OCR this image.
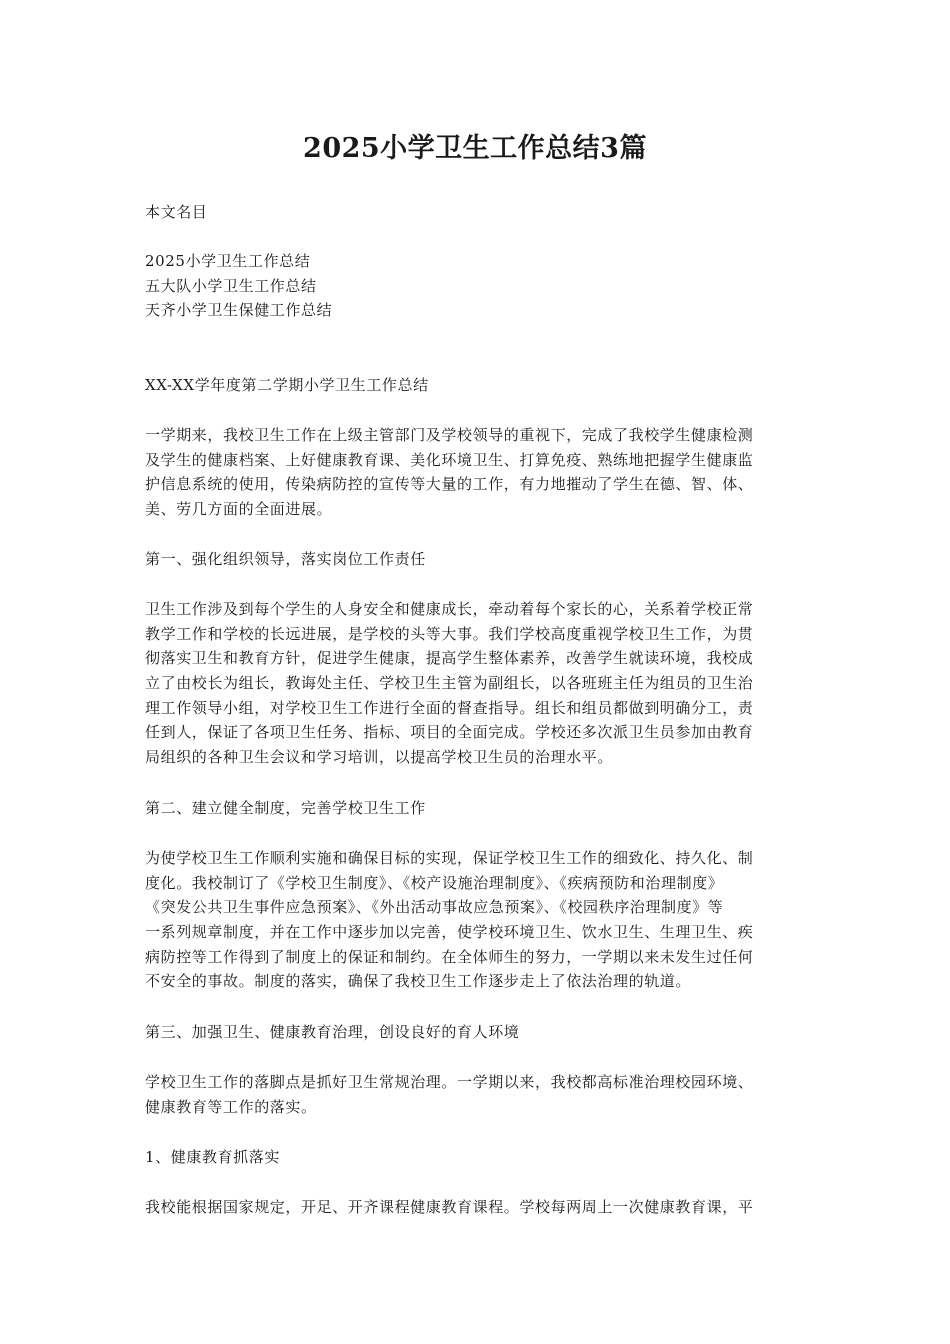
2025小学卫生工作总结3篇
本文名目
2025小学卫生工作总结
五大队小学卫生工作总结
天齐小学卫生保健工作总结
XX-XX学年度第二学期小学卫生工作总结
一学期来，我校卫生工作在上级主管部门及学校领导的重视下，完成了我校学生健康检测
及学生的健康档案、上好健康教育课、美化环境卫生、打算免疫、熟练地把握学生健康监
护信息系统的使用，传染病防控的宣传等大量的工作，有力地摧动了学生在德、智、体、
美、劳几方面的全面进展。
第一、强化组织领导，落实岗位工作责任
卫生工作涉及到每个学生的人身安全和健康成长，牵动着每个家长的心，关系着学校正常
教学工作和学校的长远进展，是学校的头等大事。我们学校高度重视学校卫生工作，为贯
彻落实卫生和教育方针，促进学生健康，提高学生整体素养，改善学生就读环境，我校成
立了由校长为组长，教诲处主任、学校卫生主管为副组长，以各班班主任为组员的卫生治
理工作领导小组，对学校卫生工作进行全面的督查指导。组长和组员都做到明确分工，责
任到人，保证了各项卫生任务、指标、项目的全面完成。学校还多次派卫生员参加由教育
局组织的各种卫生会议和学习培训，以提高学校卫生员的治理水平。
第二、建立健全制度，完善学校卫生工作
为使学校卫生工作顺利实施和确保目标的实现，保证学校卫生工作的细致化、持久化、制
度化。我校制订了《学校卫生制度》、《校产设施治理制度》、《疾病预防和治理制度》
《突发公共卫生事件应急预案》、《外出活动事故应急预案》、《校园秩序治理制度》等
一系列规章制度，并在工作中逐步加以完善，使学校环境卫生、饮水卫生、生理卫生、疾
病防控等工作得到了制度上的保证和制约。在全体师生的努力，一学期以来未发生过任何
不安全的事故。制度的落实，确保了我校卫生工作逐步走上了依法治理的轨道。
第三、加强卫生、健康教育治理，创设良好的育人环境
学校卫生工作的落脚点是抓好卫生常规治理。一学期以来，我校都高标准治理校园环境、
健康教育等工作的落实。
1、健康教育抓落实
我校能根据国家规定，开足、开齐课程健康教育课程。学校每两周上一次健康教育课，平
